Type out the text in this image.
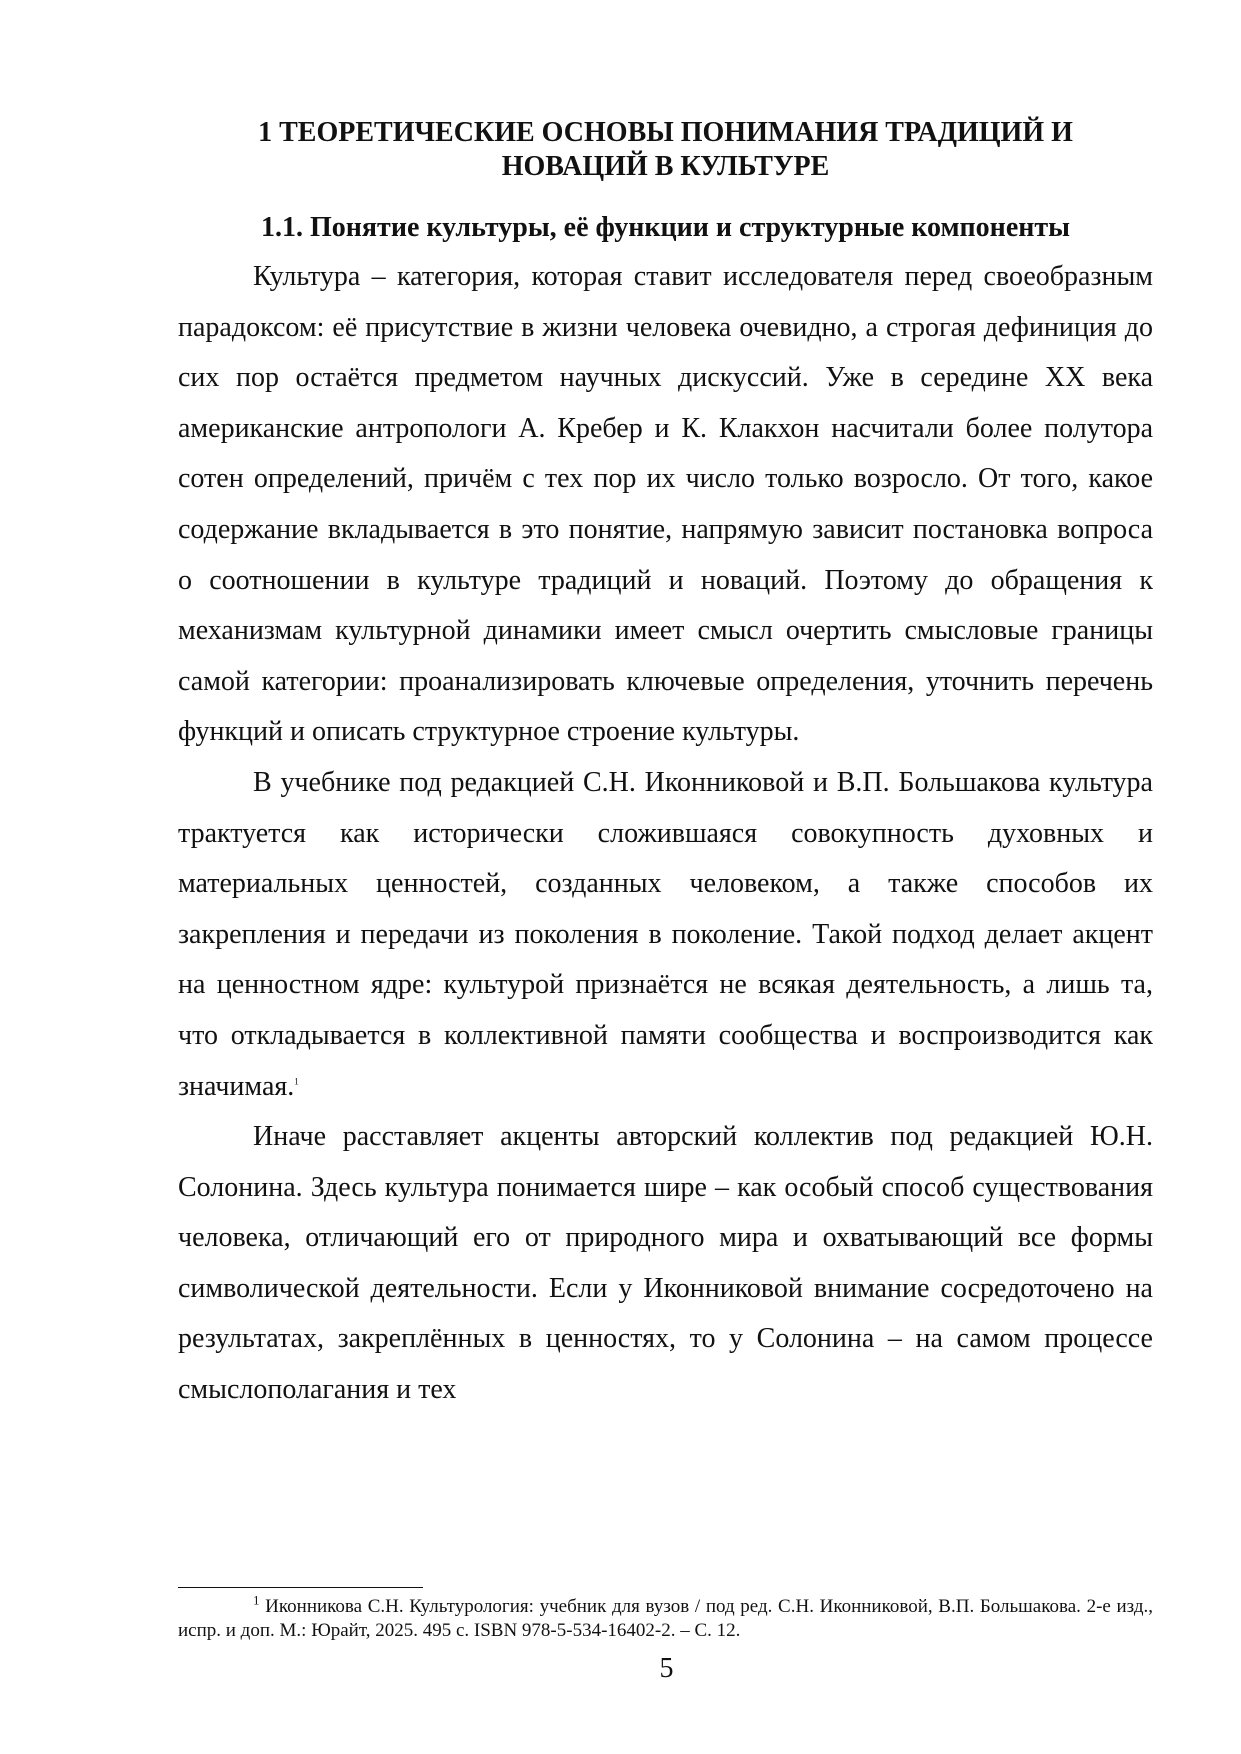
1 ТЕОРЕТИЧЕСКИЕ ОСНОВЫ ПОНИМАНИЯ ТРАДИЦИЙ И
НОВАЦИЙ В КУЛЬТУРЕ
1.1. Понятие культуры, её функции и структурные компоненты

Культура – категория, которая ставит исследователя перед своеобразным парадоксом: её присутствие в жизни человека очевидно, а строгая дефиниция до сих пор остаётся предметом научных дискуссий. Уже в середине XX века американские антропологи А. Кребер и К. Клакхон насчитали более полутора сотен определений, причём с тех пор их число только возросло. От того, какое содержание вкладывается в это понятие, напрямую зависит постановка вопроса о соотношении в культуре традиций и новаций. Поэтому до обращения к механизмам культурной динамики имеет смысл очертить смысловые границы самой категории: проанализировать ключевые определения, уточнить перечень функций и описать структурное строение культуры.

В учебнике под редакцией С.Н. Иконниковой и В.П. Большакова культура трактуется как исторически сложившаяся совокупность духовных и материальных ценностей, созданных человеком, а также способов их закрепления и передачи из поколения в поколение. Такой подход делает акцент на ценностном ядре: культурой признаётся не всякая деятельность, а лишь та, что откладывается в коллективной памяти сообщества и воспроизводится как значимая.$^1$

Иначе расставляет акценты авторский коллектив под редакцией Ю.Н. Солонина. Здесь культура понимается шире – как особый способ существования человека, отличающий его от природного мира и охватывающий все формы символической деятельности. Если у Иконниковой внимание сосредоточено на результатах, закреплённых в ценностях, то у Солонина – на самом процессе смыслополагания и тех

$^1$ Иконникова С.Н. Культурология: учебник для вузов / под ред. С.Н. Иконниковой, В.П. Большакова. 2-е изд., испр. и доп. М.: Юрайт, 2025. 495 с. ISBN 978-5-534-16402-2. – С. 12.

5
